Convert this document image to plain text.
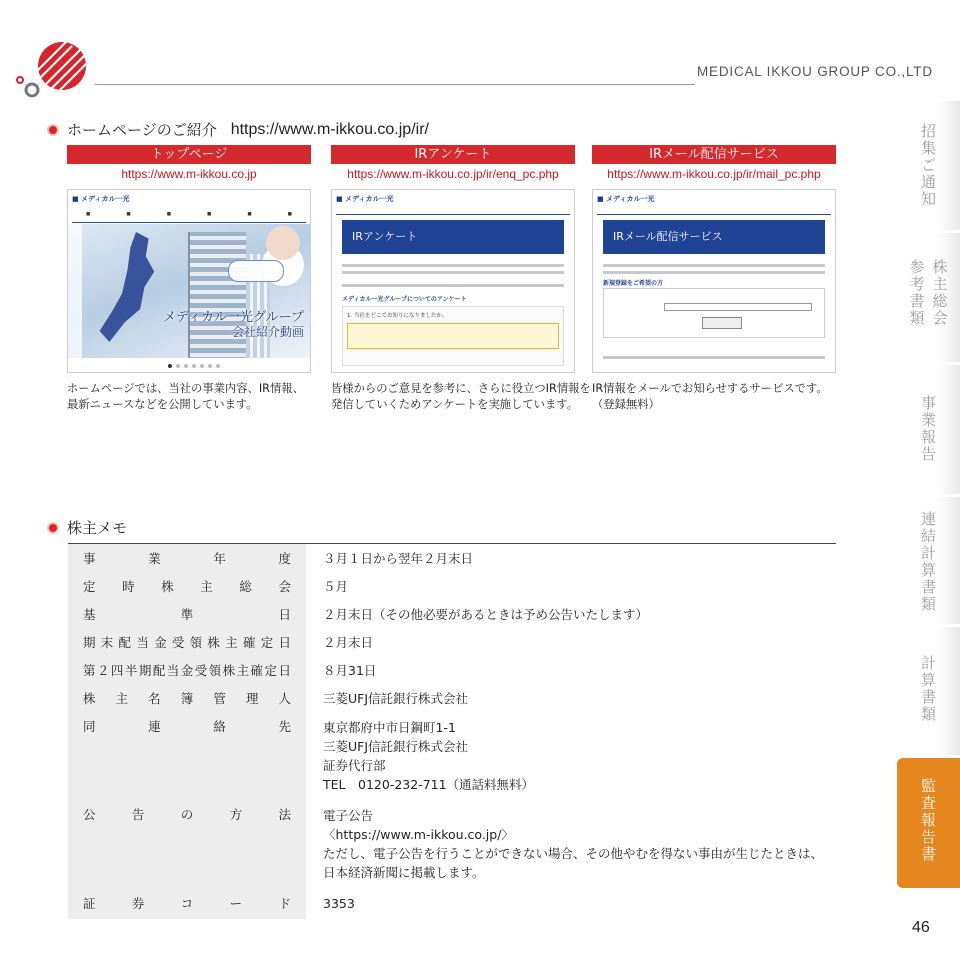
MEDICAL IKKOU GROUP CO.,LTD
ホームページのご紹介 https://www.m-ikkou.co.jp/ir/
トップページ
https://www.m-ikkou.co.jp
■ メディカル一光
■	■	■	■	■	■
メディカル一光グループ
会社紹介動画
ホームページでは、当社の事業内容、IR情報、
最新ニュースなどを公開しています。
IRアンケート
https://www.m-ikkou.co.jp/ir/enq_pc.php
■ メディカル一光
IRアンケート
メディカル一光グループについてのアンケート
1. 当社をどこでお知りになりましたか。
皆様からのご意見を参考に、さらに役立つIR情報を
発信していくためアンケートを実施しています。
IRメール配信サービス
https://www.m-ikkou.co.jp/ir/mail_pc.php
■ メディカル一光
IRメール配信サービス
新規登録をご希望の方
IR情報をメールでお知らせするサービスです。
（登録無料）
株主メモ
事業年度	３月１日から翌年２月末日
定時株主総会	５月
基準日	２月末日（その他必要があるときは予め公告いたします）
期末配当金受領株主確定日	２月末日
第２四半期配当金受領株主確定日	８月31日
株主名簿管理人	三菱UFJ信託銀行株式会社
同連絡先	東京都府中市日鋼町1-1
三菱UFJ信託銀行株式会社
証券代行部
TEL　0120-232-711（通話料無料）
公告の方法	電子公告
〈https://www.m-ikkou.co.jp/〉
ただし、電子公告を行うことができない場合、その他やむを得ない事由が生じたときは、
日本経済新聞に掲載します。
証券コード	3353
招集ご通知
株主総会
参考書類
事業報告
連結計算書類
計算書類
監査報告書
46
